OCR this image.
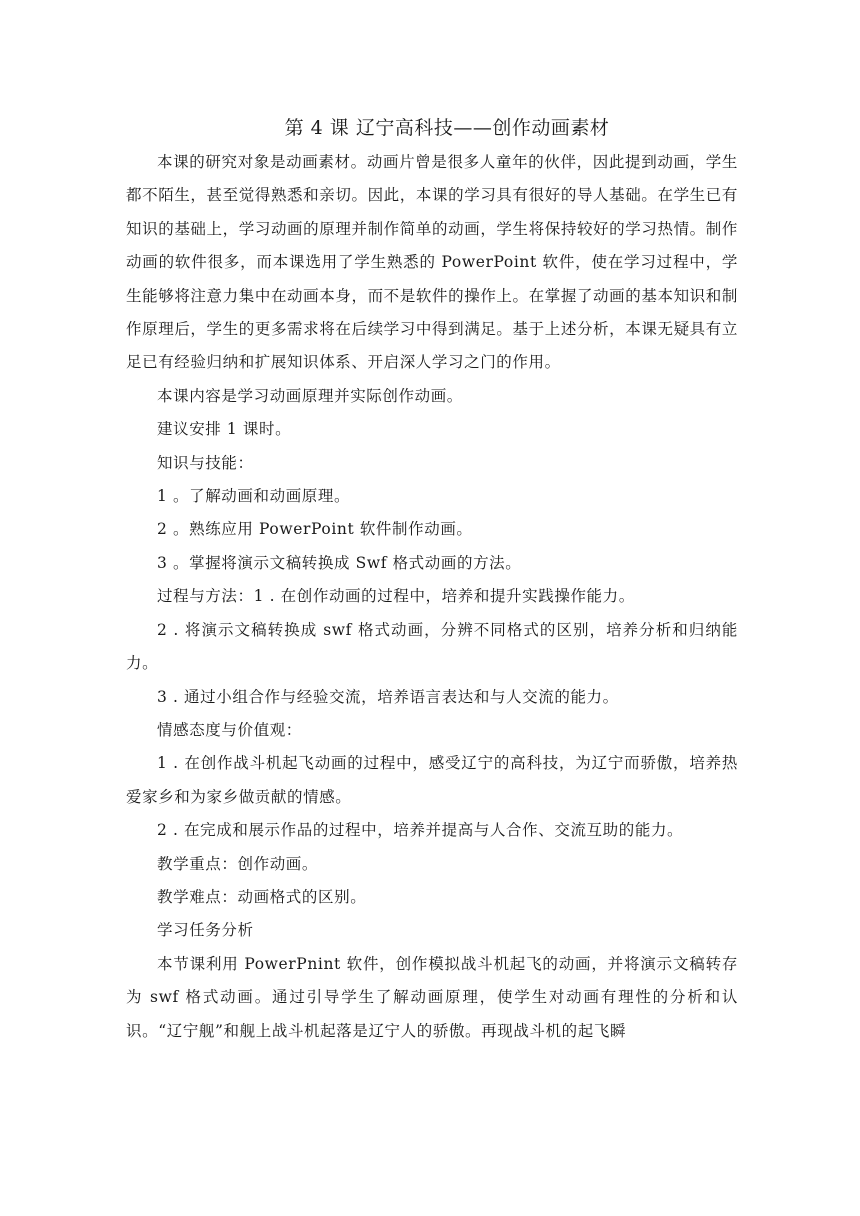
第 4 课 辽宁高科技——创作动画素材

本课的研究对象是动画素材。动画片曾是很多人童年的伙伴，因此提到动画，学生都不陌生，甚至觉得熟悉和亲切。因此，本课的学习具有很好的导人基础。在学生已有知识的基础上，学习动画的原理并制作简单的动画，学生将保持较好的学习热情。制作动画的软件很多，而本课选用了学生熟悉的 PowerPoint 软件，使在学习过程中，学生能够将注意力集中在动画本身，而不是软件的操作上。在掌握了动画的基本知识和制作原理后，学生的更多需求将在后续学习中得到满足。基于上述分析，本课无疑具有立足已有经验归纳和扩展知识体系、开启深人学习之门的作用。

本课内容是学习动画原理并实际创作动画。

建议安排 1 课时。

知识与技能：

1 。了解动画和动画原理。

2 。熟练应用 PowerPoint 软件制作动画。

3 。掌握将演示文稿转换成 Swf 格式动画的方法。

过程与方法：1 . 在创作动画的过程中，培养和提升实践操作能力。

2 . 将演示文稿转换成 swf 格式动画，分辨不同格式的区别，培养分析和归纳能力。

3 . 通过小组合作与经验交流，培养语言表达和与人交流的能力。

情感态度与价值观：

1 . 在创作战斗机起飞动画的过程中，感受辽宁的高科技，为辽宁而骄傲，培养热爱家乡和为家乡做贡献的情感。

2 . 在完成和展示作品的过程中，培养并提高与人合作、交流互助的能力。

教学重点：创作动画。

教学难点：动画格式的区别。

学习任务分析

本节课利用 PowerPnint 软件，创作模拟战斗机起飞的动画，并将演示文稿转存为 swf 格式动画。通过引导学生了解动画原理，使学生对动画有理性的分析和认识。“辽宁舰”和舰上战斗机起落是辽宁人的骄傲。再现战斗机的起飞瞬
